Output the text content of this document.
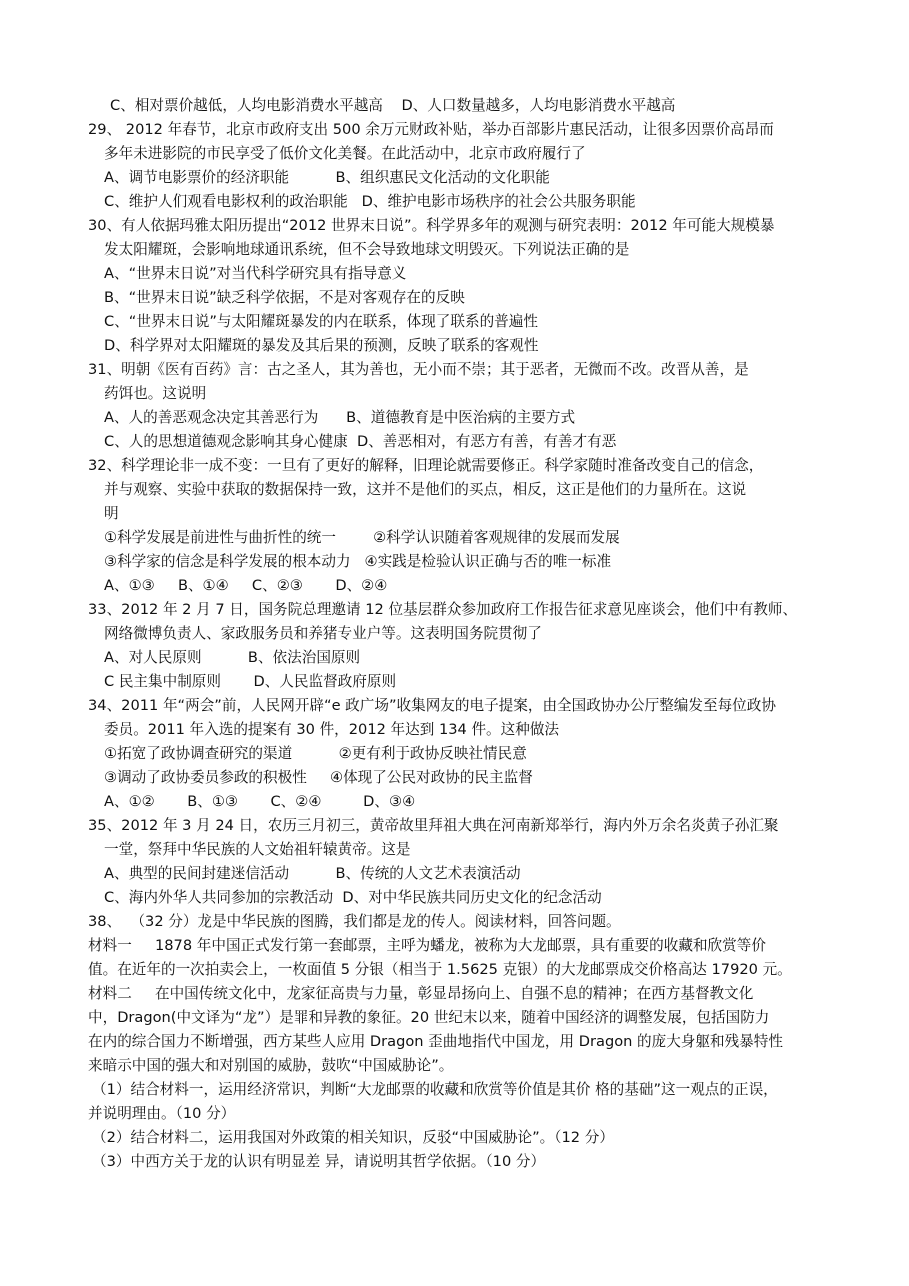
C、相对票价越低，人均电影消费水平越高 D、人口数量越多，人均电影消费水平越高
29、 2012 年春节，北京市政府支出 500 余万元财政补贴，举办百部影片惠民活动，让很多因票价高昂而
多年未进影院的市民享受了低价文化美餐。在此活动中，北京市政府履行了
A、调节电影票价的经济职能          B、组织惠民文化活动的文化职能
C、维护人们观看电影权利的政治职能   D、维护电影市场秩序的社会公共服务职能
30、有人依据玛雅太阳历提出“2012 世界末日说”。科学界多年的观测与研究表明：2012 年可能大规模暴
发太阳耀斑，会影响地球通讯系统，但不会导致地球文明毁灭。下列说法正确的是
A、“世界末日说”对当代科学研究具有指导意义
B、“世界末日说”缺乏科学依据，不是对客观存在的反映
C、“世界末日说”与太阳耀斑暴发的内在联系，体现了联系的普遍性
D、科学界对太阳耀斑的暴发及其后果的预测，反映了联系的客观性
31、明朝《医有百药》言：古之圣人，其为善也，无小而不崇；其于恶者，无微而不改。改晋从善，是
药饵也。这说明
A、人的善恶观念决定其善恶行为      B、道德教育是中医治病的主要方式
C、人的思想道德观念影响其身心健康  D、善恶相对，有恶方有善，有善才有恶
32、科学理论非一成不变：一旦有了更好的解释，旧理论就需要修正。科学家随时准备改变自己的信念，
并与观察、实验中获取的数据保持一致，这并不是他们的买点，相反，这正是他们的力量所在。这说
明
①科学发展是前进性与曲折性的统一        ②科学认识随着客观规律的发展而发展
③科学家的信念是科学发展的根本动力   ④实践是检验认识正确与否的唯一标准
A、①③     B、①④     C、②③       D、②④
33、2012 年 2 月 7 日，国务院总理邀请 12 位基层群众参加政府工作报告征求意见座谈会，他们中有教师、
网络微博负责人、家政服务员和养猪专业户等。这表明国务院贯彻了
A、对人民原则          B、依法治国原则
C 民主集中制原则       D、人民监督政府原则
34、2011 年“两会”前，人民网开辟“e 政广场”收集网友的电子提案，由全国政协办公厅整编发至每位政协
委员。2011 年入选的提案有 30 件，2012 年达到 134 件。这种做法
①拓宽了政协调查研究的渠道          ②更有利于政协反映社情民意
③调动了政协委员参政的积极性     ④体现了公民对政协的民主监督
A、①②       B、①③       C、②④         D、③④
35、2012 年 3 月 24 日，农历三月初三，黄帝故里拜祖大典在河南新郑举行，海内外万余名炎黄子孙汇聚
一堂，祭拜中华民族的人文始祖轩辕黄帝。这是
A、典型的民间封建迷信活动          B、传统的人文艺术表演活动
C、海内外华人共同参加的宗教活动  D、对中华民族共同历史文化的纪念活动
38、  （32 分）龙是中华民族的图腾，我们都是龙的传人。阅读材料，回答问题。
材料一     1878 年中国正式发行第一套邮票，主呼为蟠龙，被称为大龙邮票，具有重要的收藏和欣赏等价
值。在近年的一次拍卖会上，一枚面值 5 分银（相当于 1.5625 克银）的大龙邮票成交价格高达 17920 元。
材料二     在中国传统文化中，龙家征高贵与力量，彰显昂扬向上、自强不息的精神；在西方基督教文化
中，Dragon(中文译为“龙”）是罪和异教的象征。20 世纪末以来，随着中国经济的调整发展，包括国防力
在内的综合国力不断增强，西方某些人应用 Dragon 歪曲地指代中国龙，用 Dragon 的庞大身躯和残暴特性
来暗示中国的强大和对别国的威胁，鼓吹“中国威胁论”。
（1）结合材料一，运用经济常识，判断“大龙邮票的收藏和欣赏等价值是其价 格的基础”这一观点的正误，
并说明理由。（10 分）
（2）结合材料二，运用我国对外政策的相关知识，反驳“中国威胁论”。（12 分）
（3）中西方关于龙的认识有明显差 异，请说明其哲学依据。（10 分）
